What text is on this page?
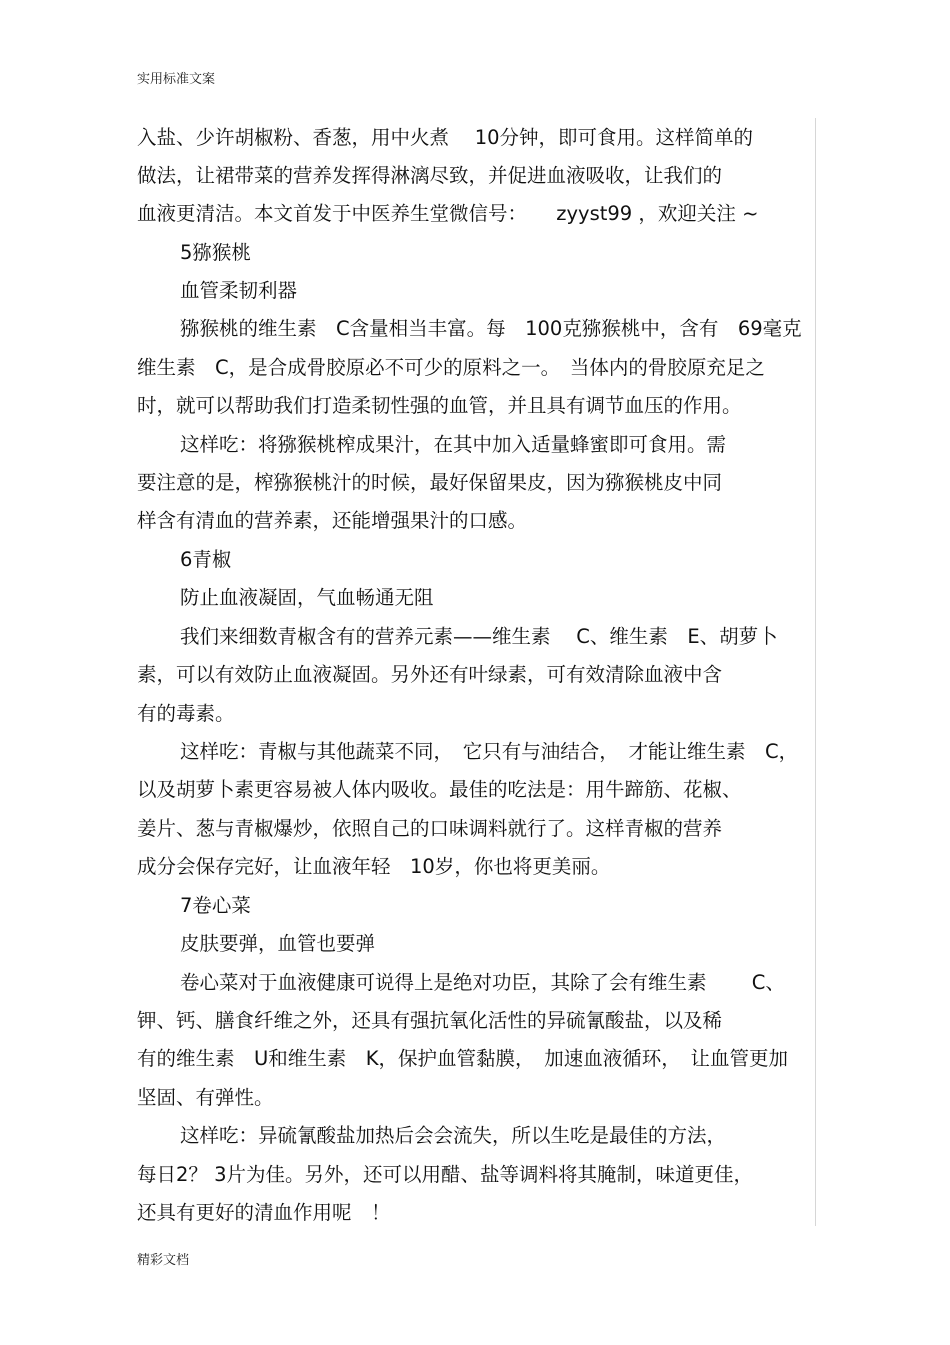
实用标准文案
入盐、少许胡椒粉、香葱，用中火煮　 10分钟，即可食用。这样简单的
做法，让裙带菜的营养发挥得淋漓尽致，并促进血液吸收，让我们的
血液更清洁。本文首发于中医养生堂微信号：　　zyyst99 ，欢迎关注 ~
5猕猴桃
血管柔韧利器
猕猴桃的维生素　C含量相当丰富。每　100克猕猴桃中，含有　69毫克
维生素　C，是合成骨胶原必不可少的原料之一。　当体内的骨胶原充足之
时，就可以帮助我们打造柔韧性强的血管，并且具有调节血压的作用。
这样吃：将猕猴桃榨成果汁，在其中加入适量蜂蜜即可食用。需
要注意的是，榨猕猴桃汁的时候，最好保留果皮，因为猕猴桃皮中同
样含有清血的营养素，还能增强果汁的口感。
6青椒
防止血液凝固，气血畅通无阻
我们来细数青椒含有的营养元素——维生素　 C、维生素　E、胡萝卜
素，可以有效防止血液凝固。另外还有叶绿素，可有效清除血液中含
有的毒素。
这样吃：青椒与其他蔬菜不同，　它只有与油结合，　才能让维生素　C，
以及胡萝卜素更容易被人体内吸收。最佳的吃法是：用牛蹄筋、花椒、
姜片、葱与青椒爆炒，依照自己的口味调料就行了。这样青椒的营养
成分会保存完好，让血液年轻　10岁，你也将更美丽。
7卷心菜
皮肤要弹，血管也要弹
卷心菜对于血液健康可说得上是绝对功臣，其除了会有维生素　　 C、
钾、钙、膳食纤维之外，还具有强抗氧化活性的异硫氰酸盐，以及稀
有的维生素　U和维生素　K，保护血管黏膜，　加速血液循环，　让血管更加
坚固、有弹性。
这样吃：异硫氰酸盐加热后会会流失，所以生吃是最佳的方法，
每日2？ 3片为佳。另外，还可以用醋、盐等调料将其腌制，味道更佳，
还具有更好的清血作用呢　！
精彩文档
